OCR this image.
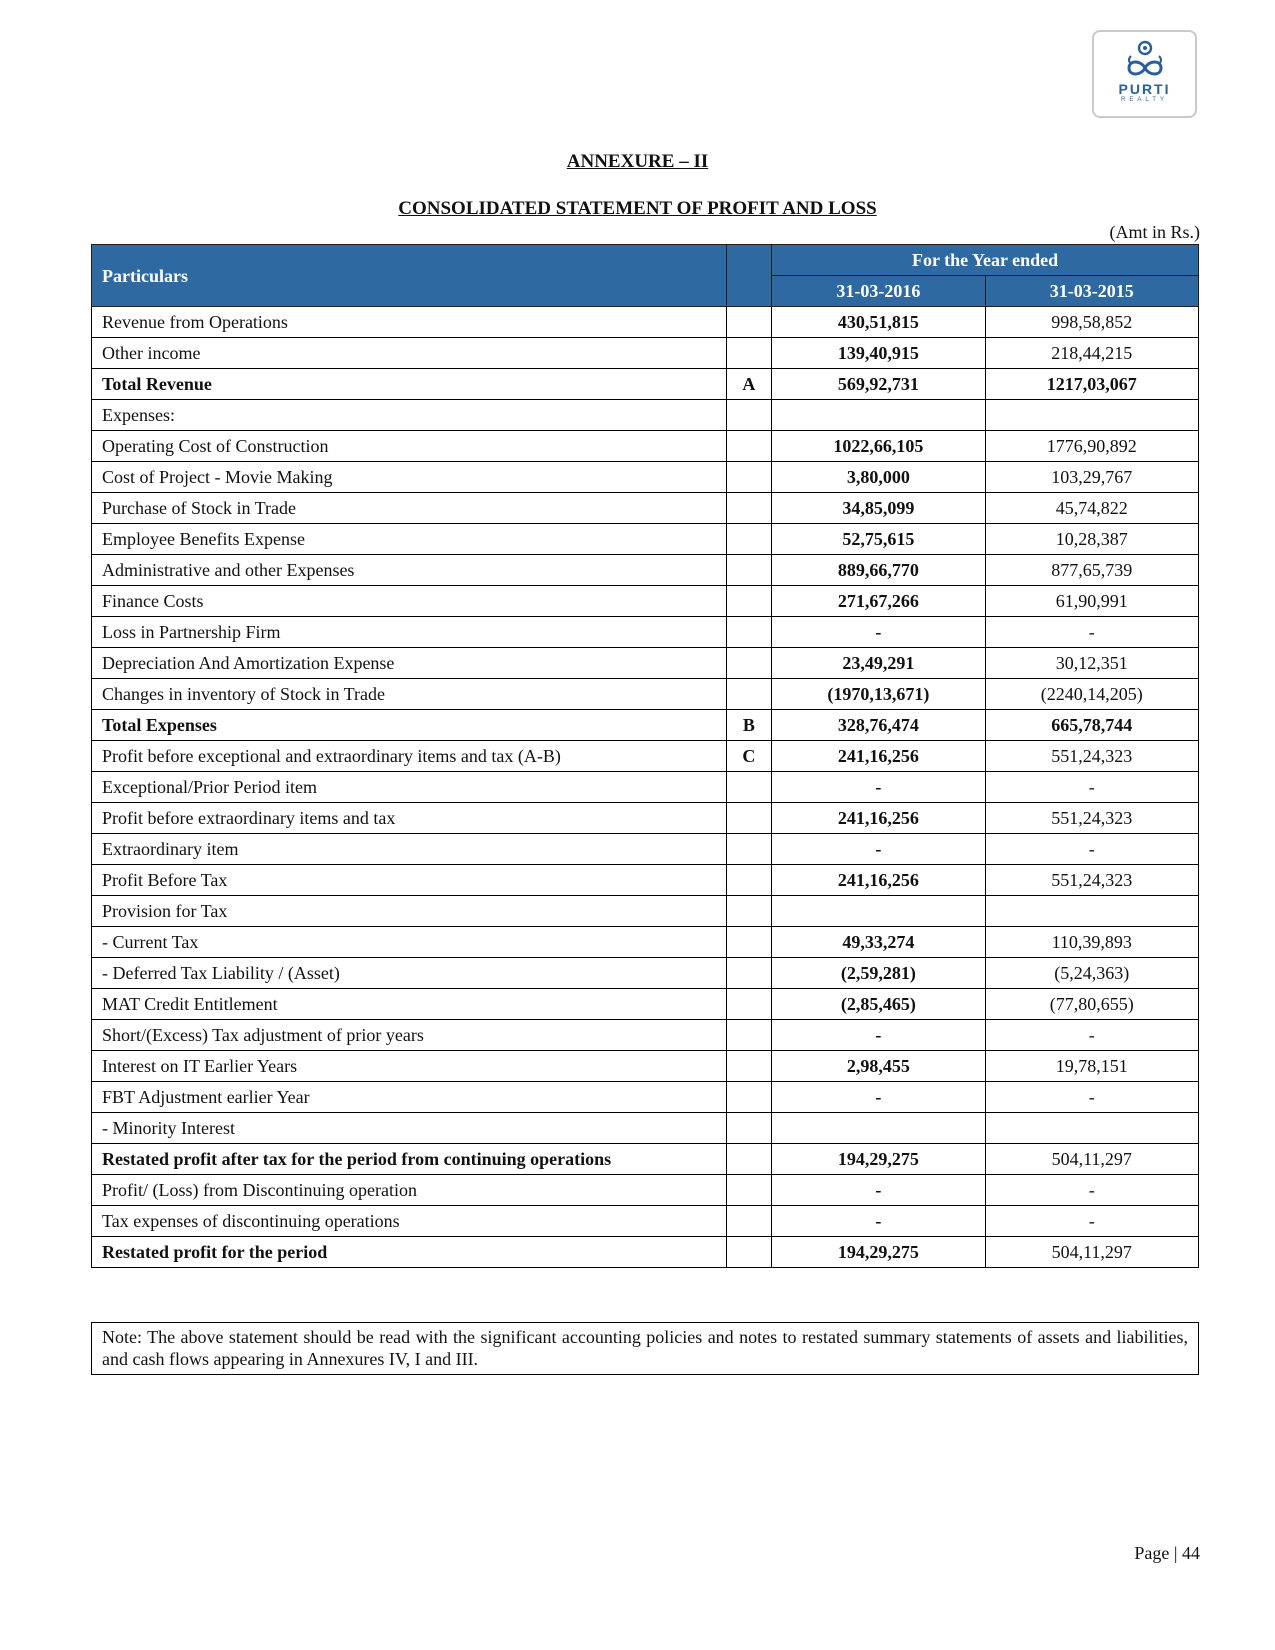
PURTI
REALTY
ANNEXURE – II
CONSOLIDATED STATEMENT OF PROFIT AND LOSS
(Amt in Rs.)
Particulars		For the Year ended	
		31-03-2016	31-03-2015
Revenue from Operations		430,51,815	998,58,852
Other income		139,40,915	218,44,215
Total Revenue	A	569,92,731	1217,03,067
Expenses:			
Operating Cost of Construction		1022,66,105	1776,90,892
Cost of Project - Movie Making		3,80,000	103,29,767
Purchase of Stock in Trade		34,85,099	45,74,822
Employee Benefits Expense		52,75,615	10,28,387
Administrative and other Expenses		889,66,770	877,65,739
Finance Costs		271,67,266	61,90,991
Loss in Partnership Firm		-	-
Depreciation And Amortization Expense		23,49,291	30,12,351
Changes in inventory of Stock in Trade		(1970,13,671)	(2240,14,205)
Total Expenses	B	328,76,474	665,78,744
Profit before exceptional and extraordinary items and tax (A-B)	C	241,16,256	551,24,323
Exceptional/Prior Period item		-	-
Profit before extraordinary items and tax		241,16,256	551,24,323
Extraordinary item		-	-
Profit Before Tax		241,16,256	551,24,323
Provision for Tax			
- Current Tax		49,33,274	110,39,893
- Deferred Tax Liability / (Asset)		(2,59,281)	(5,24,363)
MAT Credit Entitlement		(2,85,465)	(77,80,655)
Short/(Excess) Tax adjustment of prior years		-	-
Interest on IT Earlier Years		2,98,455	19,78,151
FBT Adjustment earlier Year		-	-
- Minority Interest			
Restated profit after tax for the period from continuing operations		194,29,275	504,11,297
Profit/ (Loss) from Discontinuing operation		-	-
Tax expenses of discontinuing operations		-	-
Restated profit for the period		194,29,275	504,11,297
Note: The above statement should be read with the significant accounting policies and notes to restated summary statements of assets and liabilities, and cash flows appearing in Annexures IV, I and III.
Page | 44
